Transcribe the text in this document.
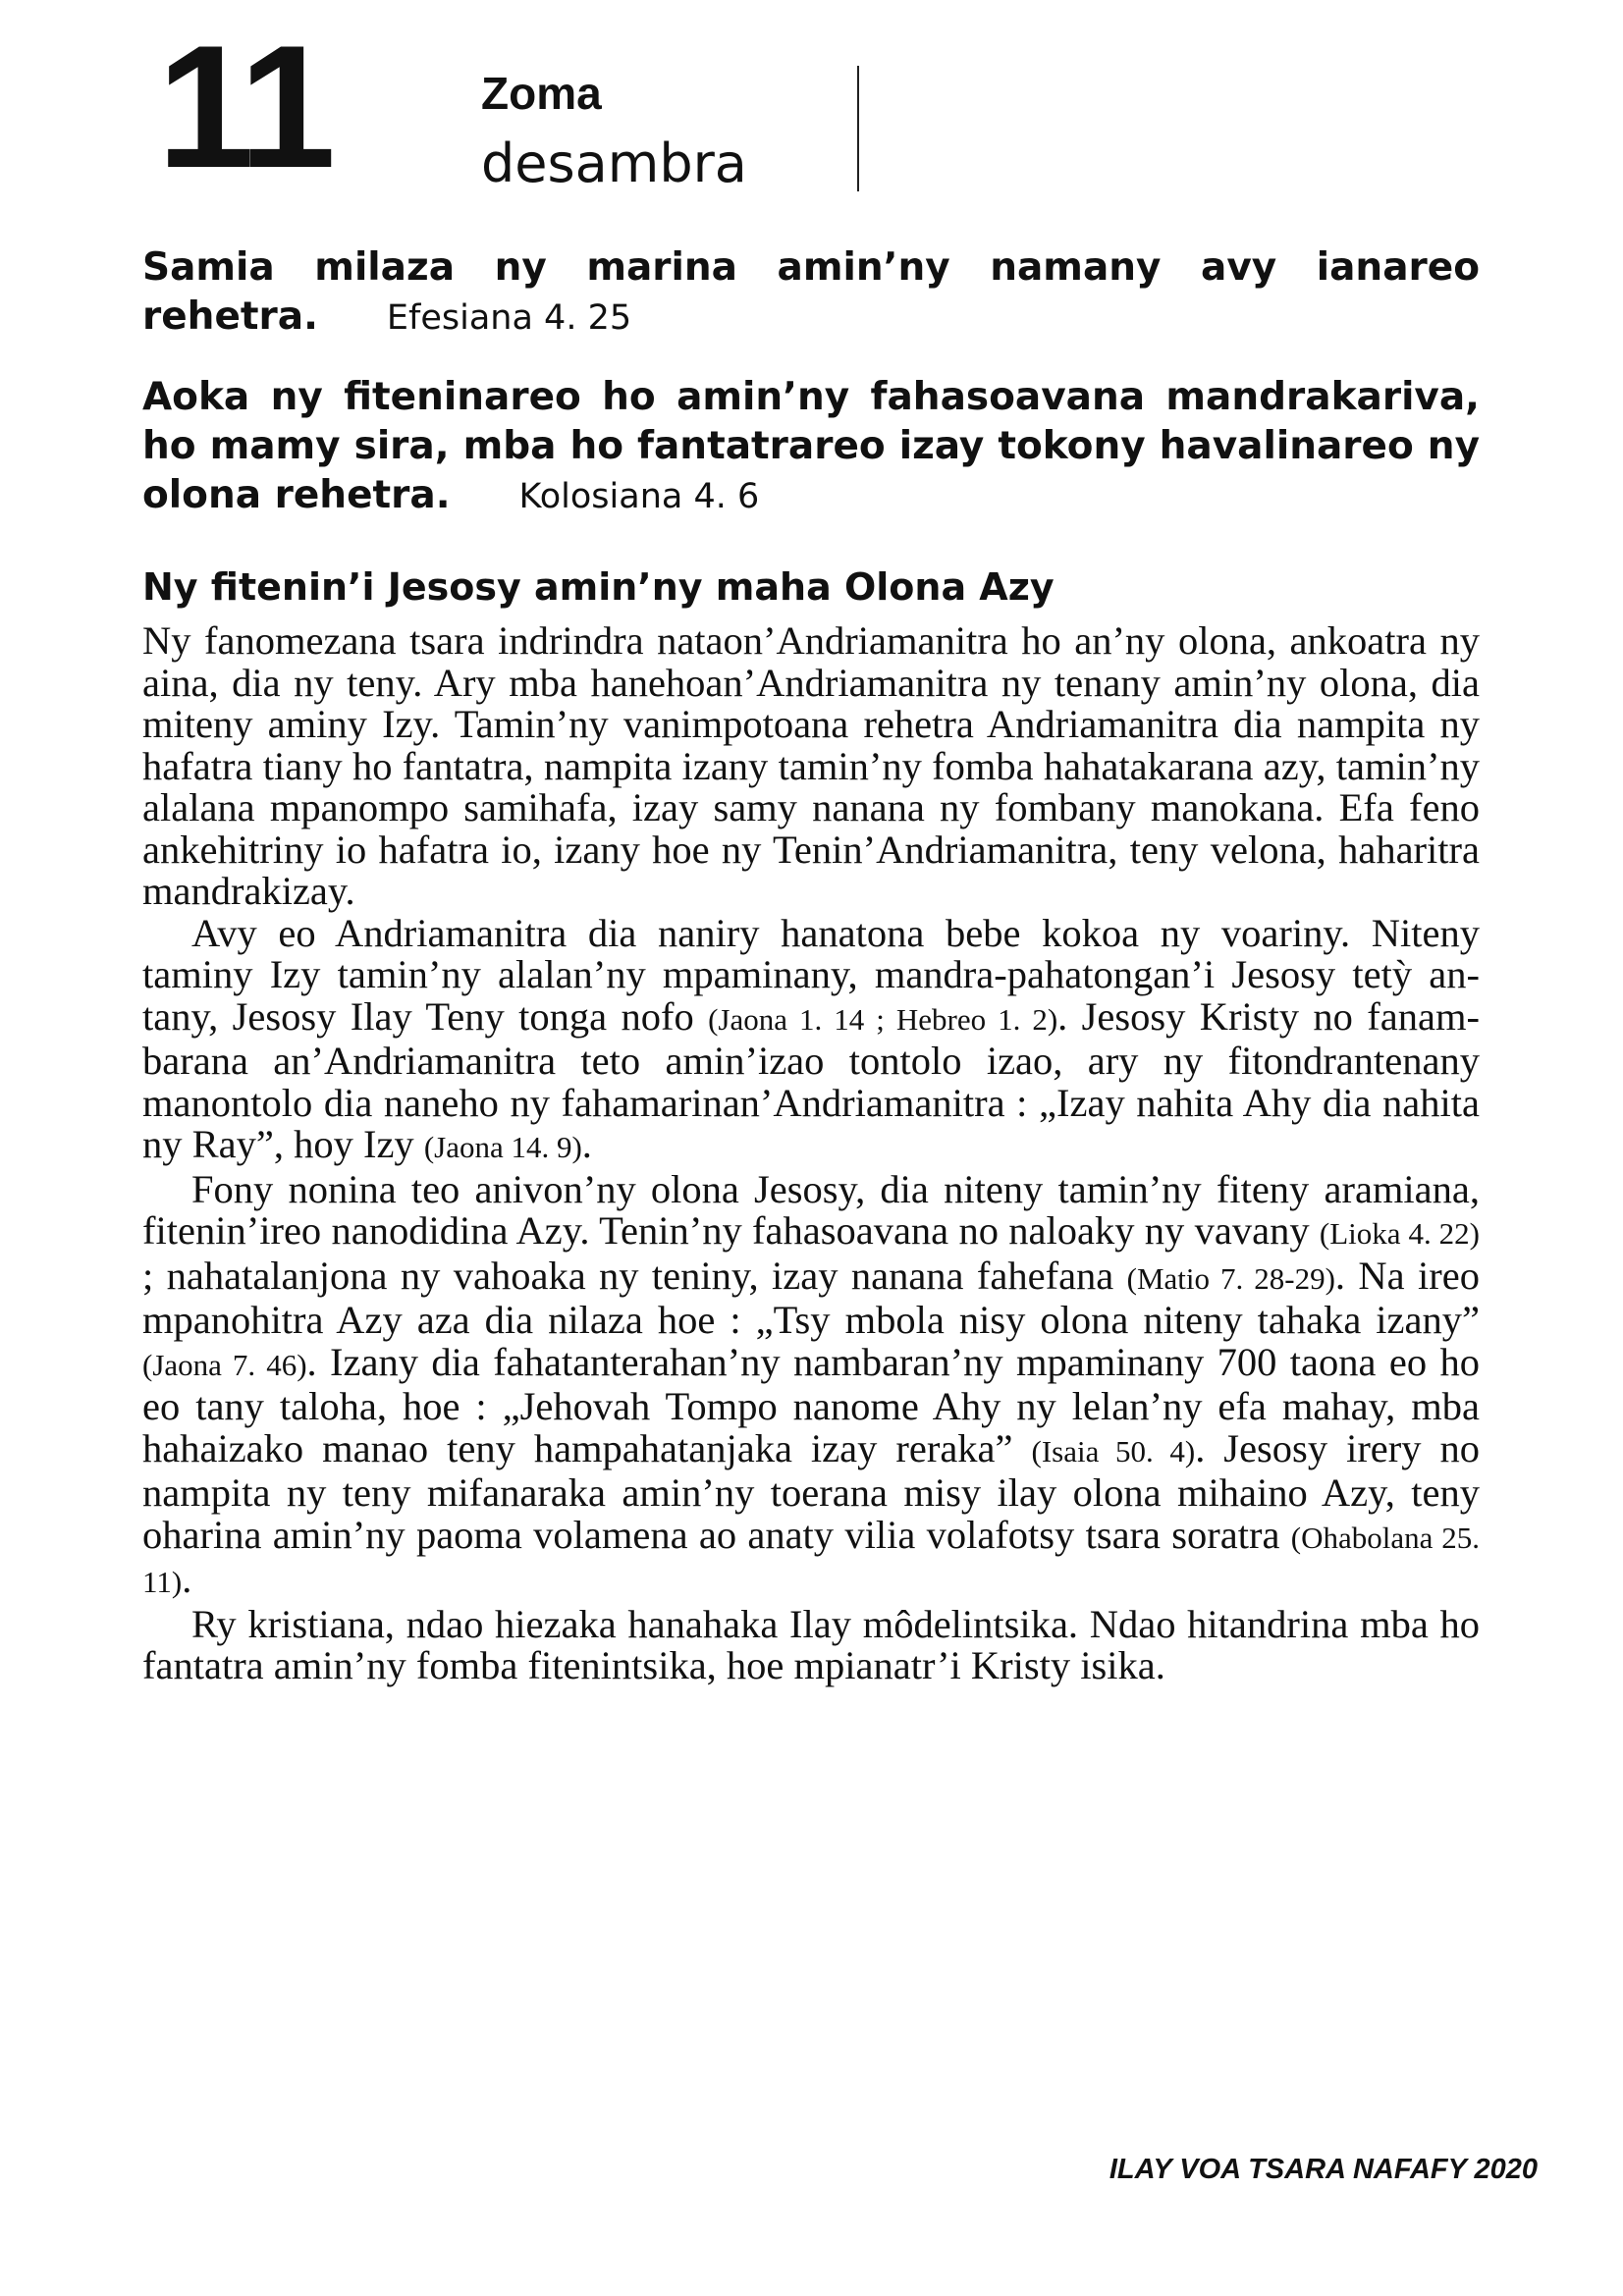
11	Zoma
desambra

Samia milaza ny marina amin’ny namany avy ianareo rehetra. Efesiana 4. 25

Aoka ny fiteninareo ho amin’ny fahasoavana mandrakariva, ho mamy sira, mba ho fantatrareo izay tokony havalinareo ny olona rehetra. Kolosiana 4. 6

Ny fitenin’i Jesosy amin’ny maha Olona Azy

Ny fanomezana tsara indrindra nataon’Andriamanitra ho an’ny olona, ankoatra ny aina, dia ny teny. Ary mba hanehoan’Andriamanitra ny tenany amin’ny olona, dia miteny aminy Izy. Tamin’ny vanimpotoana rehetra Andriamanitra dia nampita ny hafatra tiany ho fantatra, nampita izany tamin’ny fomba hahatakarana azy, tamin’ny alalana mpanompo samihafa, izay samy nanana ny fombany manokana. Efa feno ankehitriny io hafatra io, izany hoe ny Tenin’Andriamanitra, teny velona, haharitra mandrakizay.

Avy eo Andriamanitra dia naniry hanatona bebe kokoa ny voariny. Niteny taminy Izy tamin’ny alalan’ny mpaminany, mandra-pahatongan’i Jesosy tetỳ an-tany, Jesosy Ilay Teny tonga nofo (Jaona 1. 14 ; Hebreo 1. 2). Jesosy Kristy no fanambarana an’Andriamanitra teto amin’izao tontolo izao, ary ny fitondrantenany manontolo dia naneho ny fahamarinan’Andriamanitra : „Izay nahita Ahy dia nahita ny Ray”, hoy Izy (Jaona 14. 9).

Fony nonina teo anivon’ny olona Jesosy, dia niteny tamin’ny fiteny aramiana, fitenin’ireo nanodidina Azy. Tenin’ny fahasoavana no naloaky ny vavany (Lioka 4. 22) ; nahatalanjona ny vahoaka ny teniny, izay nanana fahefana (Matio 7. 28-29). Na ireo mpanohitra Azy aza dia nilaza hoe : „Tsy mbola nisy olona niteny tahaka izany” (Jaona 7. 46). Izany dia fahatanterahan’ny nambaran’ny mpaminany 700 taona eo ho eo tany taloha, hoe : „Jehovah Tompo nanome Ahy ny lelan’ny efa mahay, mba hahaizako manao teny hampahatanjaka izay reraka” (Isaia 50. 4). Jesosy irery no nampita ny teny mifanaraka amin’ny toerana misy ilay olona mihaino Azy, teny oharina amin’ny paoma volamena ao anaty vilia volafotsy tsara soratra (Ohabolana 25. 11).

Ry kristiana, ndao hiezaka hanahaka Ilay môdelintsika. Ndao hitandrina mba ho fantatra amin’ny fomba fitenintsika, hoe mpianatr’i Kristy isika.

ILAY VOA TSARA NAFAFY 2020
